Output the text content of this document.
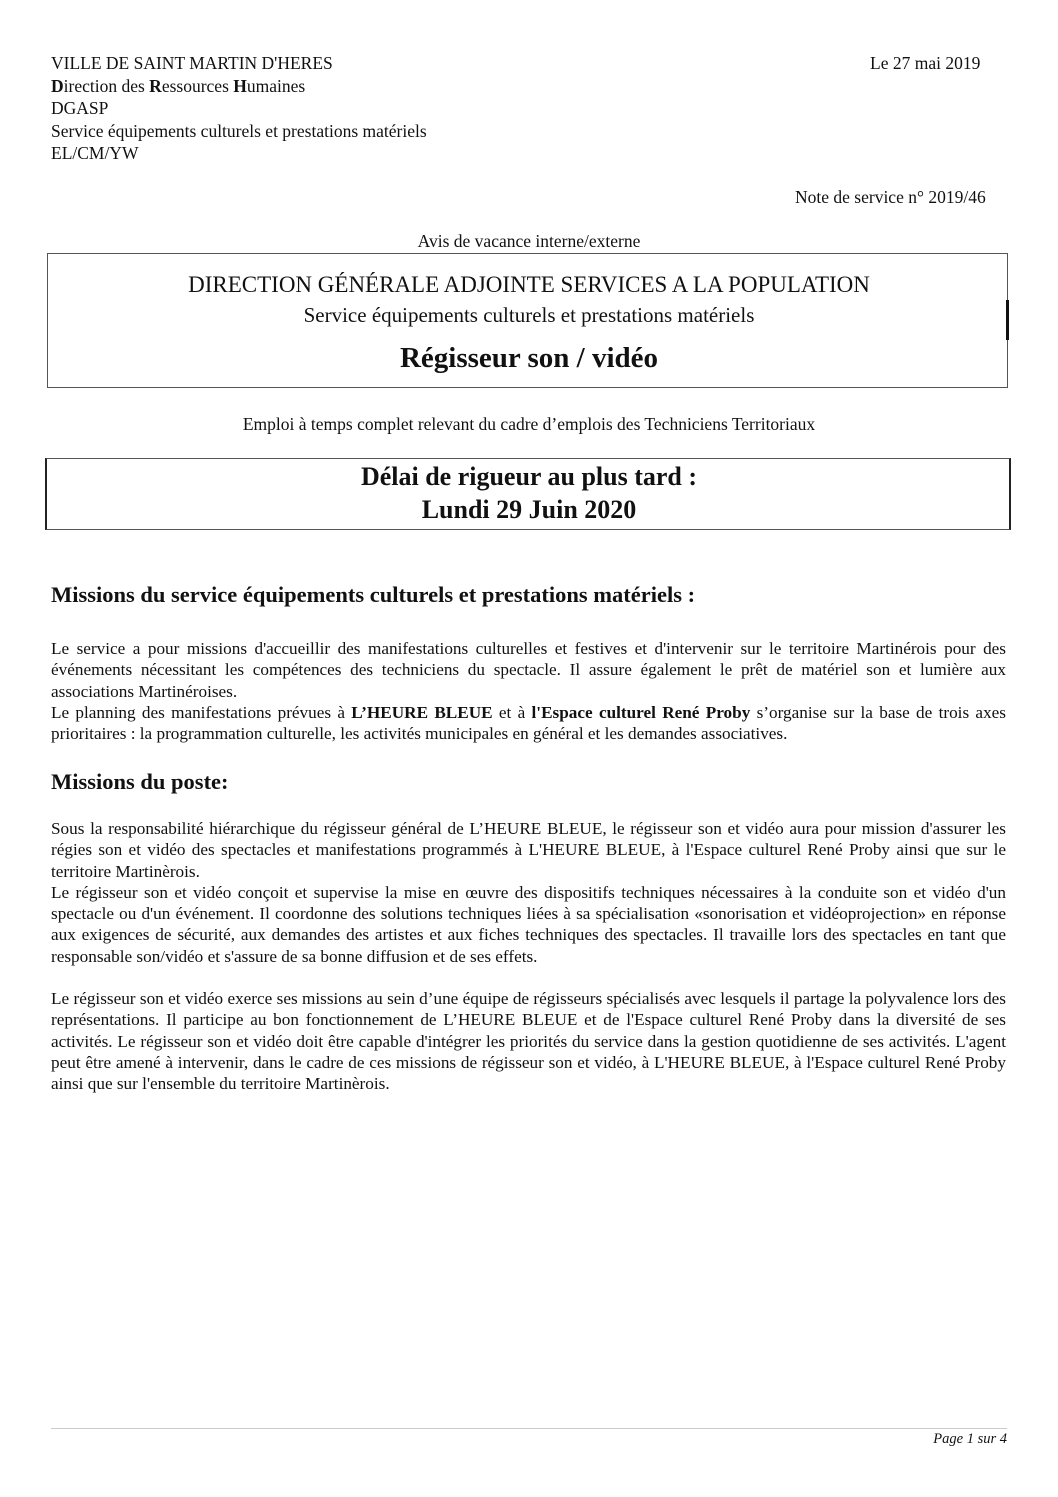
VILLE DE SAINT MARTIN D'HERES
Direction des Ressources Humaines
DGASP
Service équipements culturels et prestations matériels
EL/CM/YW
Le 27 mai 2019
Note de service n° 2019/46
Avis de vacance interne/externe
DIRECTION GÉNÉRALE ADJOINTE SERVICES A LA POPULATION
Service équipements culturels et prestations matériels
Régisseur son / vidéo
Emploi à temps complet relevant du cadre d’emplois des Techniciens Territoriaux
Délai de rigueur au plus tard :
Lundi 29 Juin 2020
Missions du service équipements culturels et prestations matériels :

Le service a pour missions d'accueillir des manifestations culturelles et festives et d'intervenir sur le territoire Martinérois pour des événements nécessitant les compétences des techniciens du spectacle. Il assure également le prêt de matériel son et lumière aux associations Martinéroises.

Le planning des manifestations prévues à L’HEURE BLEUE et à l'Espace culturel René Proby s’organise sur la base de trois axes prioritaires : la programmation culturelle, les activités municipales en général et les demandes associatives.

Missions du poste:

Sous la responsabilité hiérarchique du régisseur général de L’HEURE BLEUE, le régisseur son et vidéo aura pour mission d'assurer les régies son et vidéo des spectacles et manifestations programmés à L'HEURE BLEUE, à l'Espace culturel René Proby ainsi que sur le territoire Martinèrois.

Le régisseur son et vidéo conçoit et supervise la mise en œuvre des dispositifs techniques nécessaires à la conduite son et vidéo d'un spectacle ou d'un événement. Il coordonne des solutions techniques liées à sa spécialisation «sonorisation et vidéoprojection» en réponse aux exigences de sécurité, aux demandes des artistes et aux fiches techniques des spectacles. Il travaille lors des spectacles en tant que responsable son/vidéo et s'assure de sa bonne diffusion et de ses effets.

Le régisseur son et vidéo exerce ses missions au sein d’une équipe de régisseurs spécialisés avec lesquels il partage la polyvalence lors des représentations. Il participe au bon fonctionnement de L’HEURE BLEUE et de l'Espace culturel René Proby dans la diversité de ses activités. Le régisseur son et vidéo doit être capable d'intégrer les priorités du service dans la gestion quotidienne de ses activités. L'agent peut être amené à intervenir, dans le cadre de ces missions de régisseur son et vidéo, à L'HEURE BLEUE, à l'Espace culturel René Proby ainsi que sur l'ensemble du territoire Martinèrois.

Page 1 sur 4
